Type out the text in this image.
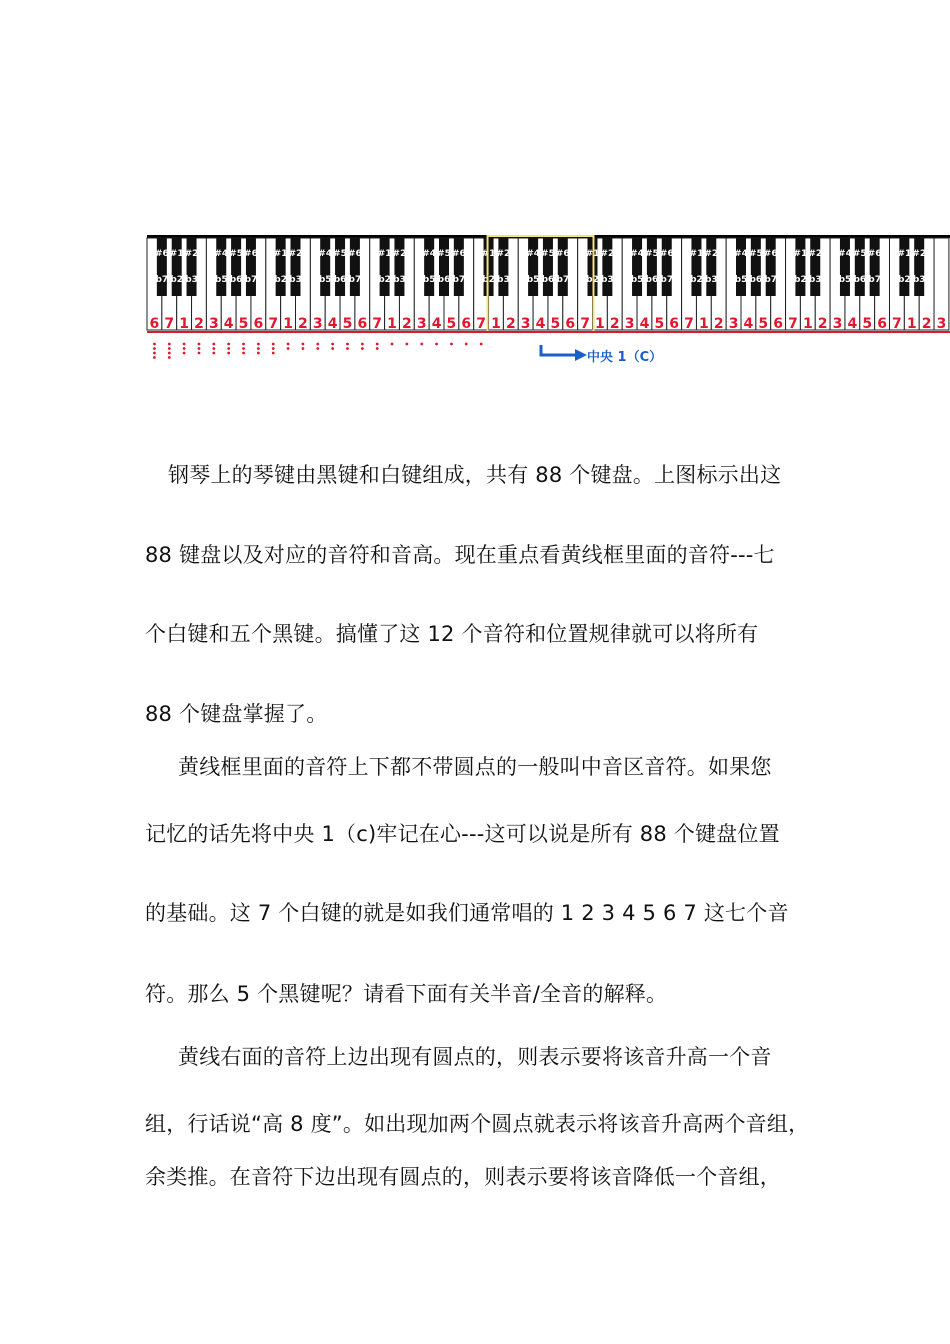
#6
b7
#1
b2
#2
b3
#4
b5
#5
b6
#6
b7
#1
b2
#2
b3
#4
b5
#5
b6
#6
b7
#1
b2
#2
b3
#4
b5
#5
b6
#6
b7
#1
b2
#2
b3
#4
b5
#5
b6
#6
b7
#1
b2
#2
b3
#4
b5
#5
b6
#6
b7
#1
b2
#2
b3
#4
b5
#5
b6
#6
b7
#1
b2
#2
b3
#4
b5
#5
b6
#6
b7
#1
b2
#2
b3
6 7 1 2 3 4 5 6 7 1 2 3 4 5 6 7 1 2 3 4 5 6 7 1 2 3 4 5 6 7 1 2 3 4 5 6 7 1 2 3 4 5 6 7 1 2 3 4 5 6 7 1 2 3
中央 1（C）
钢琴上的琴键由黑键和白键组成，共有 88 个键盘。上图标示出这
88 键盘以及对应的音符和音高。现在重点看黄线框里面的音符---七
个白键和五个黑键。搞懂了这 12 个音符和位置规律就可以将所有
88 个键盘掌握了。
黄线框里面的音符上下都不带圆点的一般叫中音区音符。如果您
记忆的话先将中央 1（c)牢记在心---这可以说是所有 88 个键盘位置
的基础。这 7 个白键的就是如我们通常唱的 1 2 3 4 5 6 7 这七个音
符。那么 5 个黑键呢？请看下面有关半音/全音的解释。
黄线右面的音符上边出现有圆点的，则表示要将该音升高一个音
组，行话说“高 8 度”。如出现加两个圆点就表示将该音升高两个音组，
余类推。在音符下边出现有圆点的，则表示要将该音降低一个音组，
